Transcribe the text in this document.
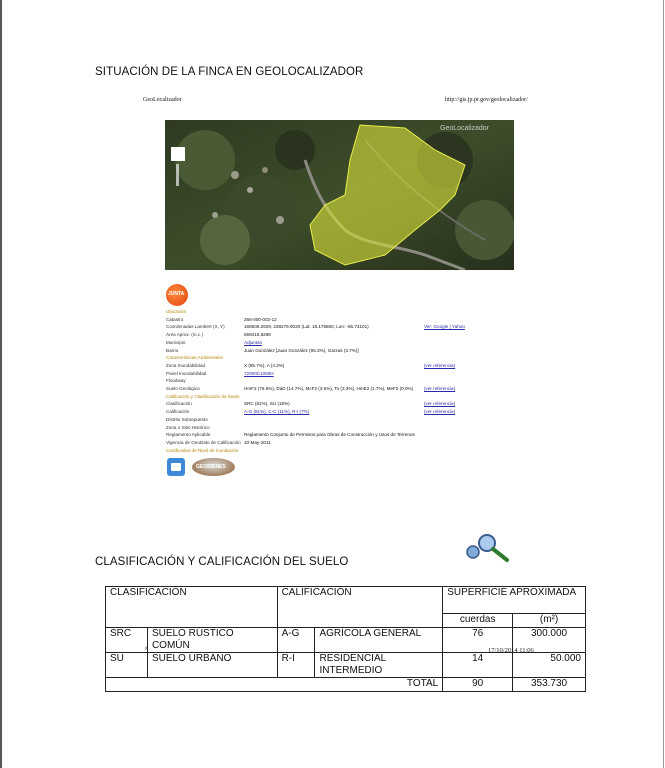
SITUACIÓN DE LA FINCA EN GEOLOCALIZADOR
GeoLocalizador	http://gis.jp.pr.gov/geolocalizador/
GeoLocalizador
JUNTA
Ubicación
Catastro	266-000-002-12
Coordenadas Lambert (X, Y)	168506.2929, 238279.9020 (Lat: 18.178560, Lon: -66.73101)	Ver: Google | Yahoo
Área Aprox. (m.c.)	659415.8288
Municipio	Adjuntas
Barrio	Juan González [Juan González (95.3%), Garzas (3.7%)]
Características Ambientales
Zona Inundabilidad	X (95.7%), A (4.3%)	(ver referencia)
Panel Inundabilidad	72000C1050H
Floodway
Suelo Geológico	HmF2 (76.6%), DaD (14.7%), McF2 (3.6%), To (3.3%), HmE2 (1.7%), MeF2 (0.0%) (ver referencia)
Calificación y Clasificación de Suelo
Clasificación	SRC (81%), SU (19%)	(ver referencia)
Calificación	A-G (81%), C-C (11%), R-I (7%)	(ver referencia)
Distrito Sobrepuesto
Zona o Sitio Histórico
Reglamento Aplicable	Reglamento Conjunto de Permisos para Obras de Construcción y Usos de Terrenos
Vigencia de GeoDato de Calificación 10-May-2011
Certificados de Nivel de Inundación
GEOBIENES
CLASIFICACIÓN Y CALIFICACIÓN DEL SUELO
CLASIFICACIÓN		CALIFICACIÓN		SUPERFICIE APROXIMADA	
				cuerdas	(m²)
SRC	SUELO RÚSTICO COMÚN	A-G	AGRÍCOLA GENERAL	76	300.000
SU	SUELO URBANO	R-I	RESIDENCIAL INTERMEDIO	14	50.000
TOTAL				90	353.730
17/10/2014 11:06
ᵝ
